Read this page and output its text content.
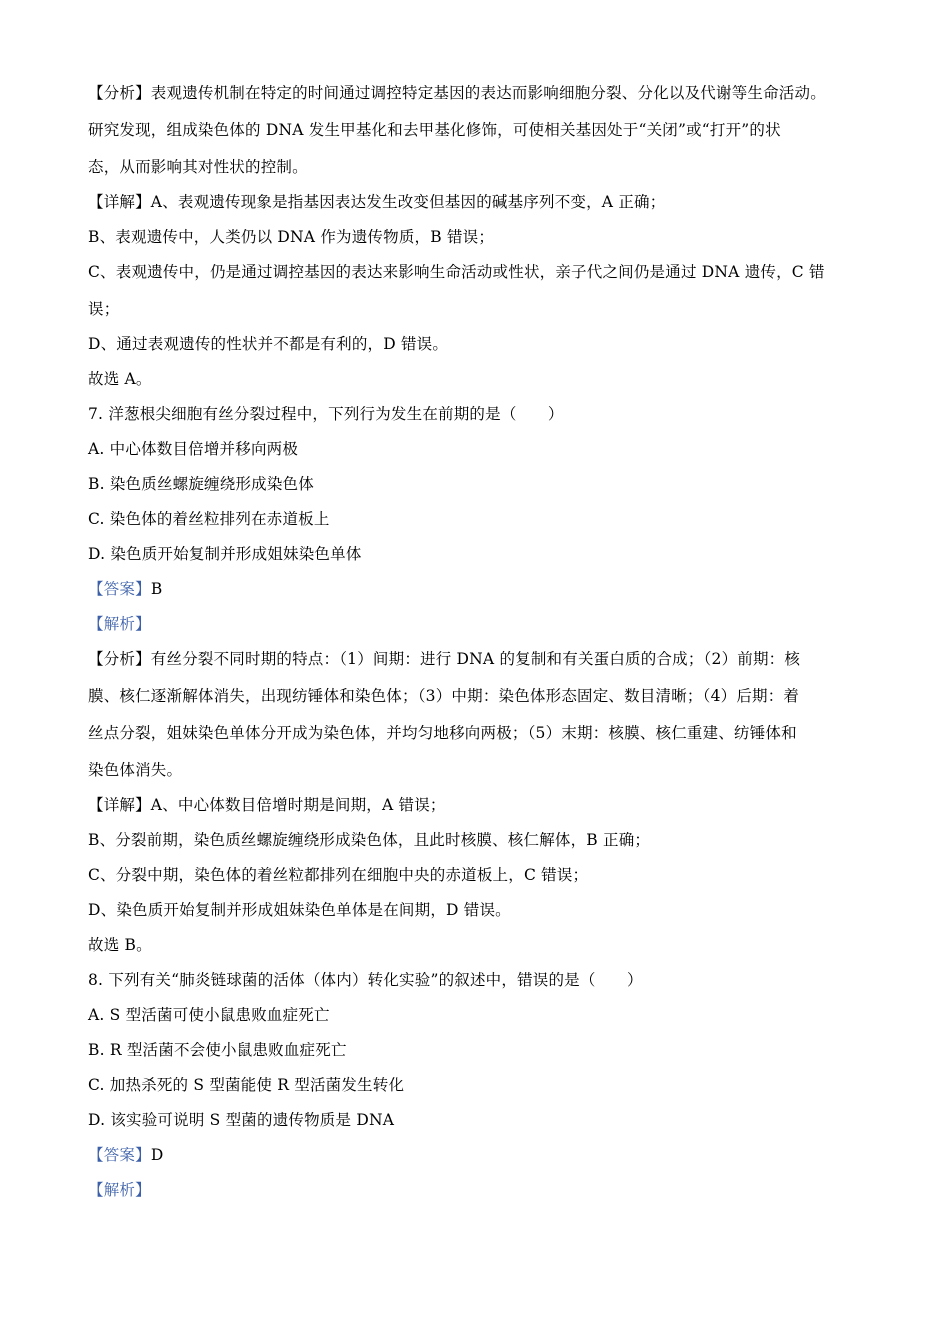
【分析】表观遗传机制在特定的时间通过调控特定基因的表达而影响细胞分裂、分化以及代谢等生命活动。
研究发现，组成染色体的 DNA 发生甲基化和去甲基化修饰，可使相关基因处于“关闭”或“打开”的状
态，从而影响其对性状的控制。
【详解】A、表观遗传现象是指基因表达发生改变但基因的碱基序列不变，A 正确；
B、表观遗传中，人类仍以 DNA 作为遗传物质，B 错误；
C、表观遗传中，仍是通过调控基因的表达来影响生命活动或性状，亲子代之间仍是通过 DNA 遗传，C 错
误；
D、通过表观遗传的性状并不都是有利的，D 错误。
故选 A。
7. 洋葱根尖细胞有丝分裂过程中，下列行为发生在前期的是（　　）
A. 中心体数目倍增并移向两极
B. 染色质丝螺旋缠绕形成染色体
C. 染色体的着丝粒排列在赤道板上
D. 染色质开始复制并形成姐妹染色单体
【答案】B
【解析】
【分析】有丝分裂不同时期的特点：（1）间期：进行 DNA 的复制和有关蛋白质的合成；（2）前期：核
膜、核仁逐渐解体消失，出现纺锤体和染色体；（3）中期：染色体形态固定、数目清晰；（4）后期：着
丝点分裂，姐妹染色单体分开成为染色体，并均匀地移向两极；（5）末期：核膜、核仁重建、纺锤体和
染色体消失。
【详解】A、中心体数目倍增时期是间期，A 错误；
B、分裂前期，染色质丝螺旋缠绕形成染色体，且此时核膜、核仁解体，B 正确；
C、分裂中期，染色体的着丝粒都排列在细胞中央的赤道板上，C 错误；
D、染色质开始复制并形成姐妹染色单体是在间期，D 错误。
故选 B。
8. 下列有关“肺炎链球菌的活体（体内）转化实验”的叙述中，错误的是（　　）
A. S 型活菌可使小鼠患败血症死亡
B. R 型活菌不会使小鼠患败血症死亡
C. 加热杀死的 S 型菌能使 R 型活菌发生转化
D. 该实验可说明 S 型菌的遗传物质是 DNA
【答案】D
【解析】
